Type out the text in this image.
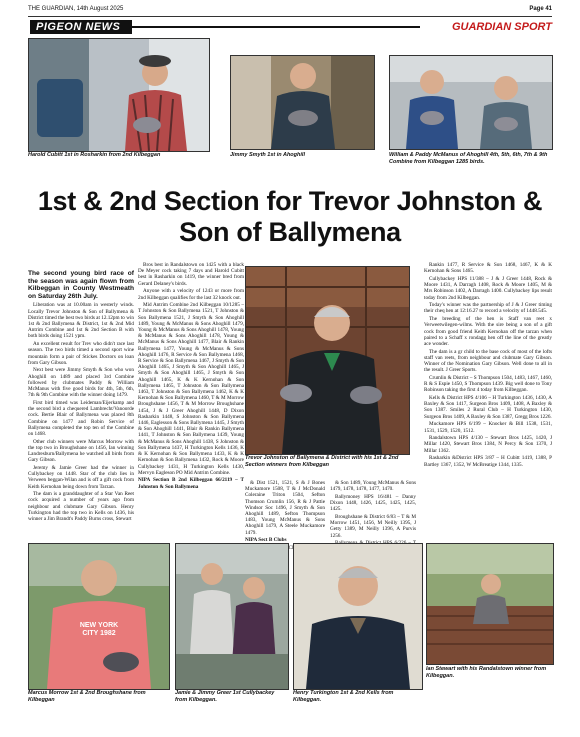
THE GUARDIAN, 14th August 2025	Page 41
PIGEON NEWS	GUARDIAN SPORT
Harold Cubitt 1st in Rosharkin from 2nd Kilbeggan	Jimmy Smyth 1st in Ahoghill	William & Paddy McManus of Ahoghill 4th, 5th, 6th, 7th & 9th Combine from Kilbeggan 1285 birds.
1st & 2nd Section for Trevor Johnston & Son of Ballymena

The second young bird race of the season was again flown from Kilbeggan in County Westmeath on Saturday 26th July.

Liberation was at 10.00am in westerly winds. Locally Trevor Johnston & Son of Ballymena & District timed the best two birds at 12.12pm to win 1st & 2nd Ballymena & District, 1st & 2nd Mid Antrim Combine and 1st & 2nd Section B with both birds doing 1521 ypm.

An excellent result for Trev who didn't race last season. The two birds timed a second sport wine mountain form a pair of Stickes Doctors on loan from Gary Gibson.

Next best were Jimmy Smyth & Son who won Ahoghill on 1489 and placed 3rd Combine followed by clubmates Paddy & William McManus with five good birds for 4th, 5th, 6th, 7th & 9th Combine with the winner doing 1479.

First bird timed was Leideman/Eijerkamp and the second bird a chequered Lambrecht/Vanoorde cock. Bertie Blair of Ballymena was placed 8th Combine on 1477 and Robin Service of Ballymena completed the top ten of the Combine on 1468.

Other club winners were Marcus Morrow with the top two in Broughshane on 1456, Ian winning Landresburn/Ballymena he watched all birds from Gary Gibson.

Jeremy & Jamie Greer had the winner in Cullybackey on 1448. Star of the club lies in Verween beggan-Wilan and is off a gift cock from Keith Kernohan being down from Tarzan.

The dam is a granddaughter of a Star Van Reet cock acquired a number of years ago from neighbour and clubmate Gary Gibson. Henry Turkington had the top two in Kells on 1436, his winner a Jim Brandt's Paddy Burns cross, Stewart

Bros best in Randalstown on 1425 with a black De Meyer cock taking 7 days and Harold Cubitt best in Rasharkin on 1419, the winner bred from Gerard Delaney's birds.

Anyone with a velocity of 1243 or more from 2nd Kilbeggan qualifies for the last 32 knock out.

Mid Antrim Combine 2nd Kilbeggan 10/1285 – T Johnston & Son Ballymena 1521, T Johnston & Son Ballymena 1521, J Smyth & Son Ahoghill 1489, Young & McManus & Sons Ahoghill 1479, Young & McManus & Sons Ahoghill 1478, Young & McManus & Sons Ahoghill 1478, Young & McManus & Sons Ahoghill 1477, Blair & Rankin Ballymena 1477, Young & McManus & Sons Ahoghill 1476, R Service & Son Ballymena 1468, R Service & Son Ballymena 1467, J Smyth & Son Ahoghill 1465, J Smyth & Son Ahoghill 1465, J Smyth & Son Ahoghill 1465, J Smyth & Son Ahoghill 1465, K & K Kernohan & Son Ballymena 1465, T Johnston & Son Ballymena 1463, T Johnston & Son Ballymena 1462, K & K Kernohan & Son Ballymena 1460, T & M Morrow Broughshane 1456, T & M Morrow Broughshane 1454, J & J Greer Ahoghill 1448, D Dixon Rasharkin 1448, S Johnston & Son Ballymena 1446, Eaglesson & Sons Ballymena 1445, J Smyth & Son Ahoghill 1441, Blair & Rankin Ballymena 1441, T Johnston & Son Ballymena 1439, Young & McManus & Sons Ahoghill 1438, S Johnston & Son Ballymena 1437, H Turkington Kells 1436, K & K Kernohan & Son Ballymena 1433, K & K Kernohan & Son Ballymena 1432, Rock & Moore Cullybackey 1431, H Turkington Kells 1430, Mervyn Eagleson PO Mid Antrim Combine.

NIPA Section B 2nd Kilbeggan 66/2119 – T Johnston & Son Ballymena

Trevor Johnston of Ballymena & District with his 1st & 2nd Section winners from Kilbeggan

& Dist 1521, 1521, S & J Bones Muckamore 1508, T & J McDonald Coleraine Triton 1504, Sefton Thomson Crumlin 156, R & J Pattie Windsor Soc 1496, J Smyth & Son Ahoghill 1489, Sefton Thompson 1483, Young McManus & Sons Ahoghill 1479, A Steele Muckamore 1479.

NIPA Sect B Clubs

& Son 1489, Young McManus & Sons 1479, 1478, 1478, 1477, 1470.

Ballymoney HPS 16/481 – Danny Dixon 1448, 1426, 1425, 1425, 1425, 1425.

Broughshane & District 6/83 – T & M Morrow 1451, 1456, M Neilly 1395, J Getty 1389, M Neilly 1396, A Purvis 1256.

Rankin 1477, R Service & Son 1468, 1467, K & K Kernohan & Sons 1465.

Cullybackey HPS 11/388 – J & J Greer 1448, Rock & Moore 1431, A Darragh 1408, Rock & Moore 1405, M & Mrs Robinson 1402, A Darragh 1400. Cullybackey lips result today from 2nd Kilbeggan.

Today's winner was the partnership of J & J Greer timing their cheq hen at 12:16.27 to record a velocity of 1448.545.

The breeding of the hen is Staff van reet x Verweetwilegen-wilms. With the sire being a son of a gift cock from good friend Keith Kernohan off the tarzan when paired to a Schaff x rondagg hen off the line of the greatly ace wonder.

The dam is a gr child to the base cock of most of the lofts staff van reets, from neighbour and clubmate Gary Gibson. Winner of the Nomination Gary Gibson. Well done to all in the result. J Greer Sports.

Crumlin & District – S Thompson 1504, 1483, 1467, 1460, R & S Espie 1450, S Thompson 1439. Big well done to Tony Robinson taking the first 4 today from Kilbeggan.

Kells & District HPS 4/106 – H Turkington 1436, 1430, A Baxley & Son 1417, Surgeon Bros 1409, 1408, A Baxley & Son 1387. Smiles 2 Rural Club – H Turkington 1430, Surgeon Bros 1409, A Baxley & Son 1387, Gregg Bros 1226.

Muckamore HPS 6/199 – Knocker & Bill 1538, 1531, 1531, 1529, 1520, 1512.

Randalstown HPS 4/130 – Stewart Bros 1425, 1420, J Millar 1420, Stewart Bros 1384, N Percy & Son 1370, J Millar 1362.

Rasharkin &District HPS 3/87 – H Cubitt 1419, 1388, P Bartley 1367, 1352, W McBreatige 1344, 1335.

NEW YORK CITY 1982
Marcus Morrow 1st & 2nd Broughshane from Kilbeggan
Jamie & Jimmy Greer 1st Cullybackey from Kilbeggan.
Henry Turkington 1st & 2nd Kells from Kilbeggan.
Ian Stewart with his Randalstown winner from Kilbeggan.
